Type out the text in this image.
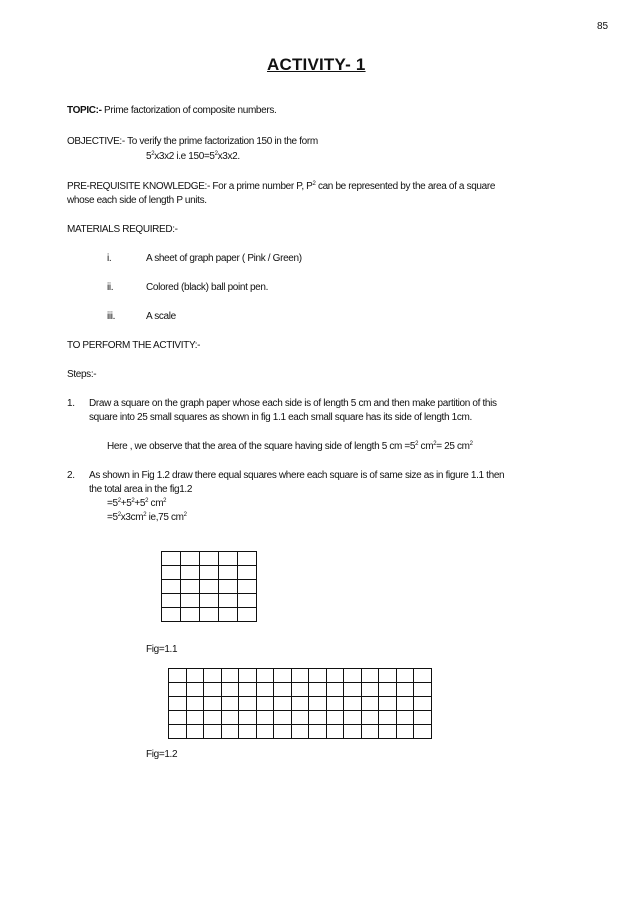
85
ACTIVITY- 1
TOPIC:- Prime factorization of composite numbers.
OBJECTIVE:- To verify the prime factorization 150 in the form
$5^2x3x2$ i.e $150=5^2x3x2$.
PRE-REQUISITE KNOWLEDGE:- For a prime number P, $P^2$ can be represented by the area of a square
whose each side of length P units.
MATERIALS REQUIRED:-
i.	A sheet of graph paper ( Pink / Green)
ii.	Colored (black) ball point pen.
iii.	A scale
TO PERFORM THE ACTIVITY:-
Steps:-
1. Draw a square on the graph paper whose each side is of length 5 cm and then make partition of this
square into 25 small squares as shown in fig 1.1 each small square has its side of length 1cm.
Here , we observe that the area of the square having side of length 5 cm $=5^2$ $cm^2= 25$ $cm^2$
2. As shown in Fig 1.2 draw there equal squares where each square is of same size as in figure 1.1 then
the total area in the fig1.2
$=5^2+5^2+5^2$ $cm^2$
$=5^2x3cm^2$ ie,75 $cm^2$

Fig=1.1

Fig=1.2
